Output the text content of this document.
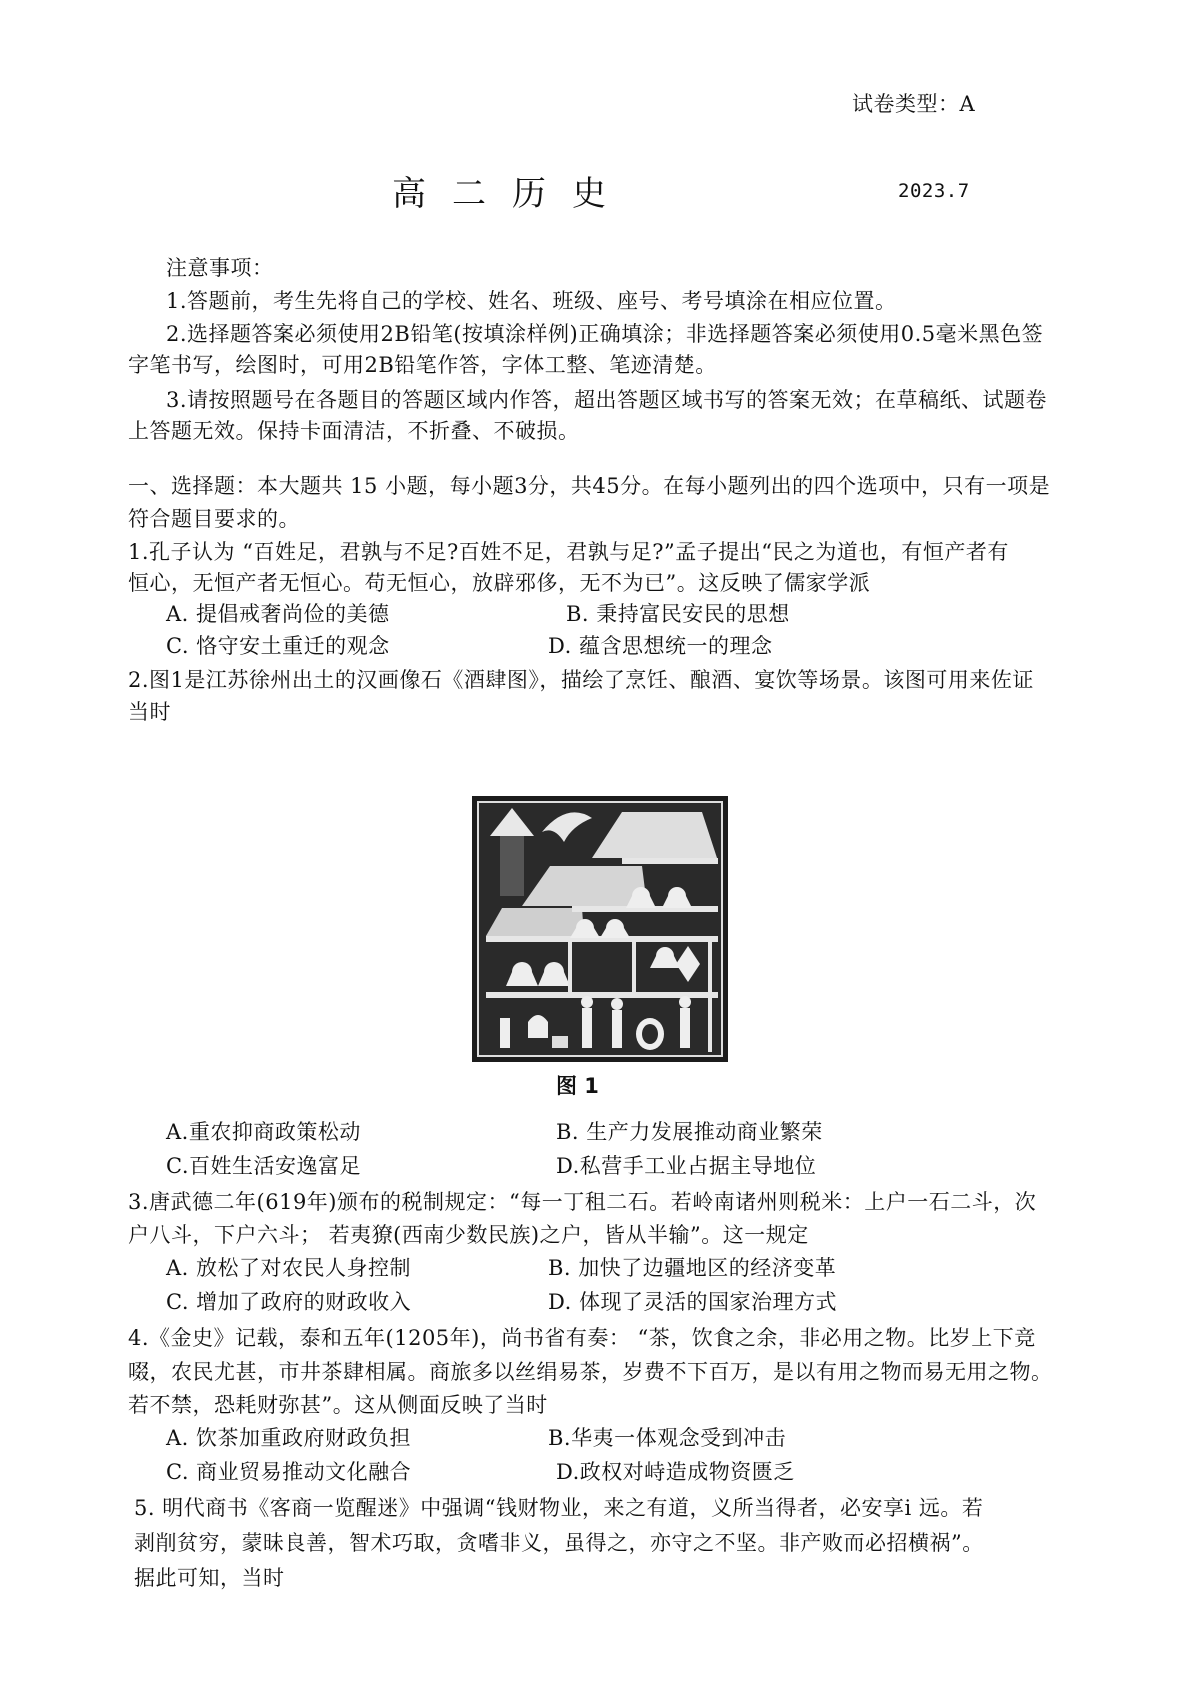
试卷类型：A
高二历史	2023.7
注意事项：
1.答题前，考生先将自己的学校、姓名、班级、座号、考号填涂在相应位置。
2.选择题答案必须使用2B铅笔(按填涂样例)正确填涂；非选择题答案必须使用0.5毫米黑色签
字笔书写，绘图时，可用2B铅笔作答，字体工整、笔迹清楚。
3.请按照题号在各题目的答题区域内作答，超出答题区域书写的答案无效；在草稿纸、试题卷
上答题无效。保持卡面清洁，不折叠、不破损。
一、选择题：本大题共 15 小题，每小题3分，共45分。在每小题列出的四个选项中，只有一项是
符合题目要求的。
1.孔子认为 “百姓足，君孰与不足?百姓不足，君孰与足?”孟子提出“民之为道也，有恒产者有
恒心，无恒产者无恒心。苟无恒心，放辟邪侈，无不为已”。这反映了儒家学派
A. 提倡戒奢尚俭的美德	B. 秉持富民安民的思想
C. 恪守安土重迁的观念	D. 蕴含思想统一的理念
2.图1是江苏徐州出土的汉画像石《酒肆图》，描绘了烹饪、酿酒、宴饮等场景。该图可用来佐证
当时
图 1
A.重农抑商政策松动	B. 生产力发展推动商业繁荣
C.百姓生活安逸富足	D.私营手工业占据主导地位
3.唐武德二年(619年)颁布的税制规定：“每一丁租二石。若岭南诸州则税米：上户一石二斗，次
户八斗，下户六斗； 若夷獠(西南少数民族)之户，皆从半输”。这一规定
A. 放松了对农民人身控制	B. 加快了边疆地区的经济变革
C. 增加了政府的财政收入	D. 体现了灵活的国家治理方式
4.《金史》记载，泰和五年(1205年)，尚书省有奏： “茶，饮食之余，非必用之物。比岁上下竞
啜，农民尤甚，市井茶肆相属。商旅多以丝绢易茶，岁费不下百万，是以有用之物而易无用之物。
若不禁，恐耗财弥甚”。这从侧面反映了当时
A. 饮茶加重政府财政负担	B.华夷一体观念受到冲击
C. 商业贸易推动文化融合	D.政权对峙造成物资匮乏
5. 明代商书《客商一览醒迷》中强调“钱财物业，来之有道，义所当得者，必安享i 远。若
剥削贫穷，蒙昧良善，智术巧取，贪嗜非义，虽得之，亦守之不坚。非产败而必招横祸”。
据此可知，当时
